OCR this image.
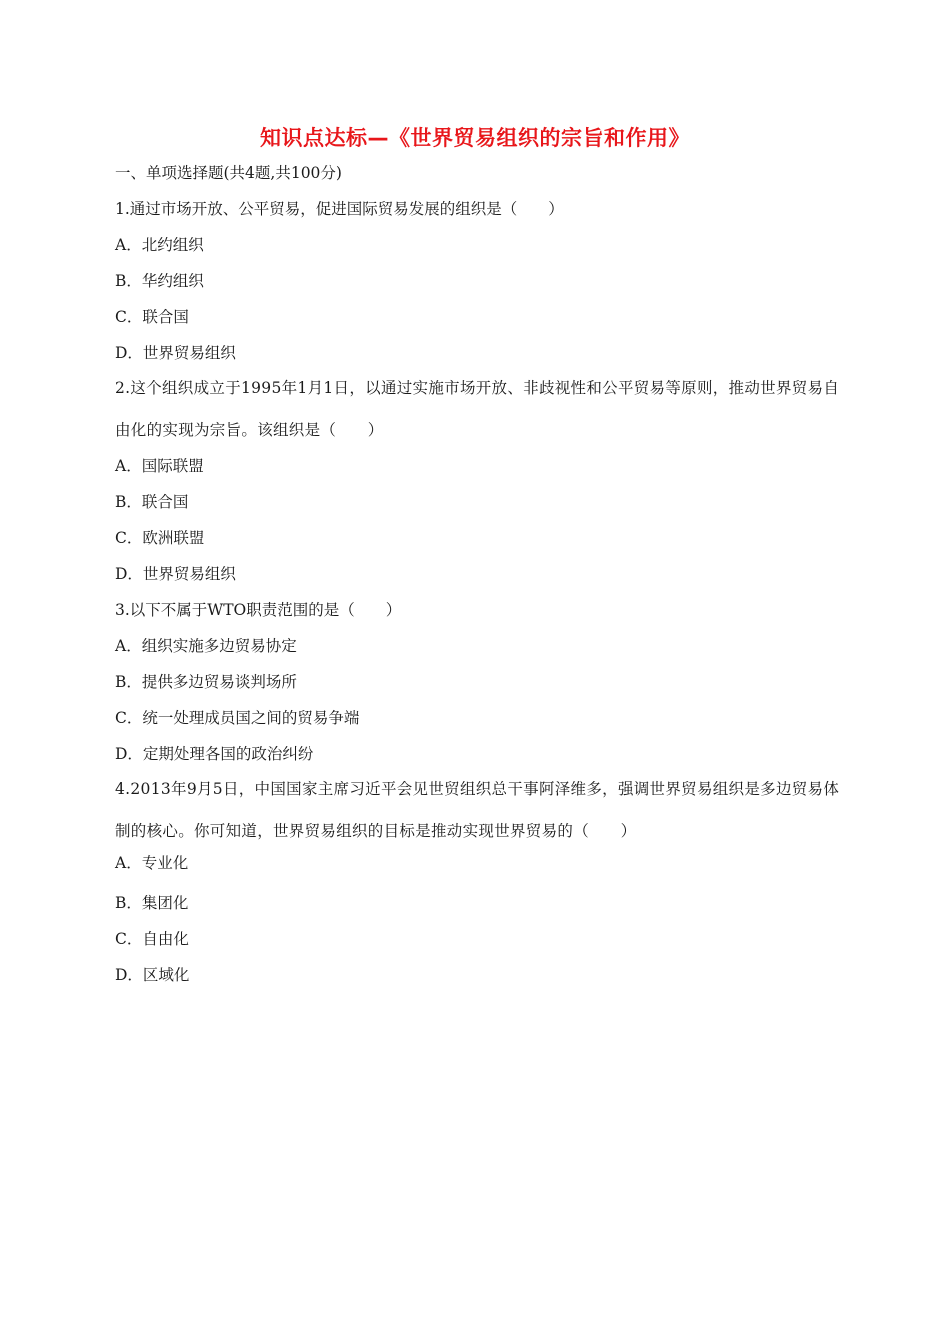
知识点达标—《世界贸易组织的宗旨和作用》
一、单项选择题(共4题,共100分)
1.通过市场开放、公平贸易，促进国际贸易发展的组织是（　　）
A．北约组织
B．华约组织
C．联合国
D．世界贸易组织
2.这个组织成立于1995年1月1日，以通过实施市场开放、非歧视性和公平贸易等原则，推动世界贸易自由化的实现为宗旨。该组织是（　　）
A．国际联盟
B．联合国
C．欧洲联盟
D．世界贸易组织
3.以下不属于WTO职责范围的是（　　）
A．组织实施多边贸易协定
B．提供多边贸易谈判场所
C．统一处理成员国之间的贸易争端
D．定期处理各国的政治纠纷
4.2013年9月5日，中国国家主席习近平会见世贸组织总干事阿泽维多，强调世界贸易组织是多边贸易体制的核心。你可知道，世界贸易组织的目标是推动实现世界贸易的（　　）
A．专业化
B．集团化
C．自由化
D．区域化
